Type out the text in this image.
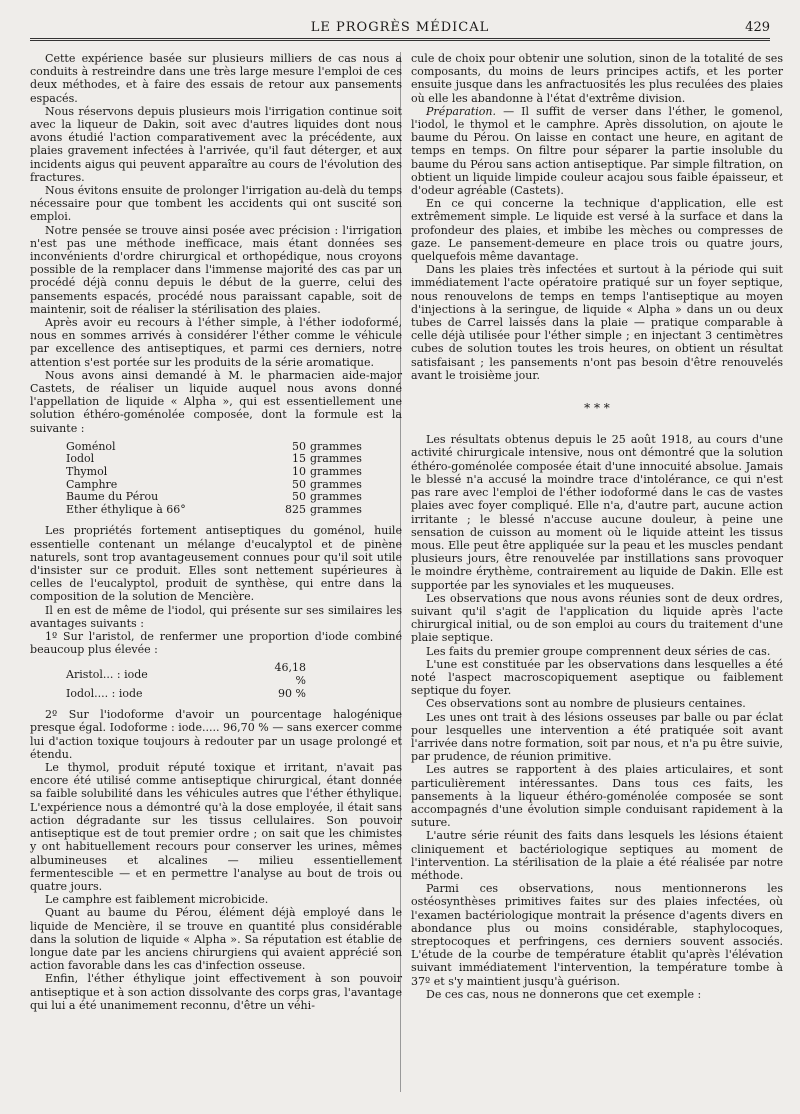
LE PROGRÈS MÉDICAL	429

Cette expérience basée sur plusieurs milliers de cas nous a conduits à restreindre dans une très large mesure l'emploi de ces deux méthodes, et à faire des essais de retour aux pansements espacés.

Nous réservons depuis plusieurs mois l'irrigation continue soit avec la liqueur de Dakin, soit avec d'autres liquides dont nous avons étudié l'action comparativement avec la précédente, aux plaies gravement infectées à l'arrivée, qu'il faut déterger, et aux incidents aigus qui peuvent apparaître au cours de l'évolution des fractures.

Nous évitons ensuite de prolonger l'irrigation au-delà du temps nécessaire pour que tombent les accidents qui ont suscité son emploi.

Notre pensée se trouve ainsi posée avec précision : l'irrigation n'est pas une méthode inefficace, mais étant données ses inconvénients d'ordre chirurgical et orthopédique, nous croyons possible de la remplacer dans l'immense majorité des cas par un procédé déjà connu depuis le début de la guerre, celui des pansements espacés, procédé nous paraissant capable, soit de maintenir, soit de réaliser la stérilisation des plaies.

Après avoir eu recours à l'éther simple, à l'éther iodoformé, nous en sommes arrivés à considérer l'éther comme le véhicule par excellence des antiseptiques, et parmi ces derniers, notre attention s'est portée sur les produits de la série aromatique.

Nous avons ainsi demandé à M. le pharmacien aide-major Castets, de réaliser un liquide auquel nous avons donné l'appellation de liquide « Alpha », qui est essentiellement une solution éthéro-goménolée composée, dont la formule est la suivante :

Goménol	50	grammes
Iodol	15	grammes
Thymol	10	grammes
Camphre	50	grammes
Baume du Pérou	50	grammes
Ether éthylique à 66°	825	grammes

Les propriétés fortement antiseptiques du goménol, huile essentielle contenant un mélange d'eucalyptol et de pinène naturels, sont trop avantageusement connues pour qu'il soit utile d'insister sur ce produit. Elles sont nettement supérieures à celles de l'eucalyptol, produit de synthèse, qui entre dans la composition de la solution de Mencière.

Il en est de même de l'iodol, qui présente sur ses similaires les avantages suivants :

1º Sur l'aristol, de renfermer une proportion d'iode combiné beaucoup plus élevée :

Aristol... : iode	46,18 %
Iodol.... : iode	90 %

2º Sur l'iodoforme d'avoir un pourcentage halogénique presque égal. Iodoforme : iode..... 96,70 % — sans exercer comme lui d'action toxique toujours à redouter par un usage prolongé et étendu.

Le thymol, produit réputé toxique et irritant, n'avait pas encore été utilisé comme antiseptique chirurgical, étant donnée sa faible solubilité dans les véhicules autres que l'éther éthylique. L'expérience nous a démontré qu'à la dose employée, il était sans action dégradante sur les tissus cellulaires. Son pouvoir antiseptique est de tout premier ordre ; on sait que les chimistes y ont habituellement recours pour conserver les urines, mêmes albumineuses et alcalines — milieu essentiellement fermentescible — et en permettre l'analyse au bout de trois ou quatre jours.

Le camphre est faiblement microbicide.

Quant au baume du Pérou, élément déjà employé dans le liquide de Mencière, il se trouve en quantité plus considérable dans la solution de liquide « Alpha ». Sa réputation est établie de longue date par les anciens chirurgiens qui avaient apprécié son action favorable dans les cas d'infection osseuse.

Enfin, l'éther éthylique joint effectivement à son pouvoir antiseptique et à son action dissolvante des corps gras, l'avantage qui lui a été unanimement reconnu, d'être un véhi-

cule de choix pour obtenir une solution, sinon de la totalité de ses composants, du moins de leurs principes actifs, et les porter ensuite jusque dans les anfractuosités les plus reculées des plaies où elle les abandonne à l'état d'extrême division.

Préparation. — Il suffit de verser dans l'éther, le gomenol, l'iodol, le thymol et le camphre. Après dissolution, on ajoute le baume du Pérou. On laisse en contact une heure, en agitant de temps en temps. On filtre pour séparer la partie insoluble du baume du Pérou sans action antiseptique. Par simple filtration, on obtient un liquide limpide couleur acajou sous faible épaisseur, et d'odeur agréable (Castets).

En ce qui concerne la technique d'application, elle est extrêmement simple. Le liquide est versé à la surface et dans la profondeur des plaies, et imbibe les mèches ou compresses de gaze. Le pansement-demeure en place trois ou quatre jours, quelquefois même davantage.

Dans les plaies très infectées et surtout à la période qui suit immédiatement l'acte opératoire pratiqué sur un foyer septique, nous renouvelons de temps en temps l'antiseptique au moyen d'injections à la seringue, de liquide « Alpha » dans un ou deux tubes de Carrel laissés dans la plaie — pratique comparable à celle déjà utilisée pour l'éther simple ; en injectant 3 centimètres cubes de solution toutes les trois heures, on obtient un résultat satisfaisant ; les pansements n'ont pas besoin d'être renouvelés avant le troisième jour.

* * *

Les résultats obtenus depuis le 25 août 1918, au cours d'une activité chirurgicale intensive, nous ont démontré que la solution éthéro-goménolée composée était d'une innocuité absolue. Jamais le blessé n'a accusé la moindre trace d'intolérance, ce qui n'est pas rare avec l'emploi de l'éther iodoformé dans le cas de vastes plaies avec foyer compliqué. Elle n'a, d'autre part, aucune action irritante ; le blessé n'accuse aucune douleur, à peine une sensation de cuisson au moment où le liquide atteint les tissus mous. Elle peut être appliquée sur la peau et les muscles pendant plusieurs jours, être renouvelée par instillations sans provoquer le moindre érythème, contrairement au liquide de Dakin. Elle est supportée par les synoviales et les muqueuses.

Les observations que nous avons réunies sont de deux ordres, suivant qu'il s'agit de l'application du liquide après l'acte chirurgical initial, ou de son emploi au cours du traitement d'une plaie septique.

Les faits du premier groupe comprennent deux séries de cas.

L'une est constituée par les observations dans lesquelles a été noté l'aspect macroscopiquement aseptique ou faiblement septique du foyer.

Ces observations sont au nombre de plusieurs centaines.

Les unes ont trait à des lésions osseuses par balle ou par éclat pour lesquelles une intervention a été pratiquée soit avant l'arrivée dans notre formation, soit par nous, et n'a pu être suivie, par prudence, de réunion primitive.

Les autres se rapportent à des plaies articulaires, et sont particulièrement intéressantes. Dans tous ces faits, les pansements à la liqueur éthéro-goménolée composée se sont accompagnés d'une évolution simple conduisant rapidement à la suture.

L'autre série réunit des faits dans lesquels les lésions étaient cliniquement et bactériologique septiques au moment de l'intervention. La stérilisation de la plaie a été réalisée par notre méthode.

Parmi ces observations, nous mentionnerons les ostéosynthèses primitives faites sur des plaies infectées, où l'examen bactériologique montrait la présence d'agents divers en abondance plus ou moins considérable, staphylocoques, streptocoques et perfringens, ces derniers souvent associés. L'étude de la courbe de température établit qu'après l'élévation suivant immédiatement l'intervention, la température tombe à 37º et s'y maintient jusqu'à guérison.

De ces cas, nous ne donnerons que cet exemple :
